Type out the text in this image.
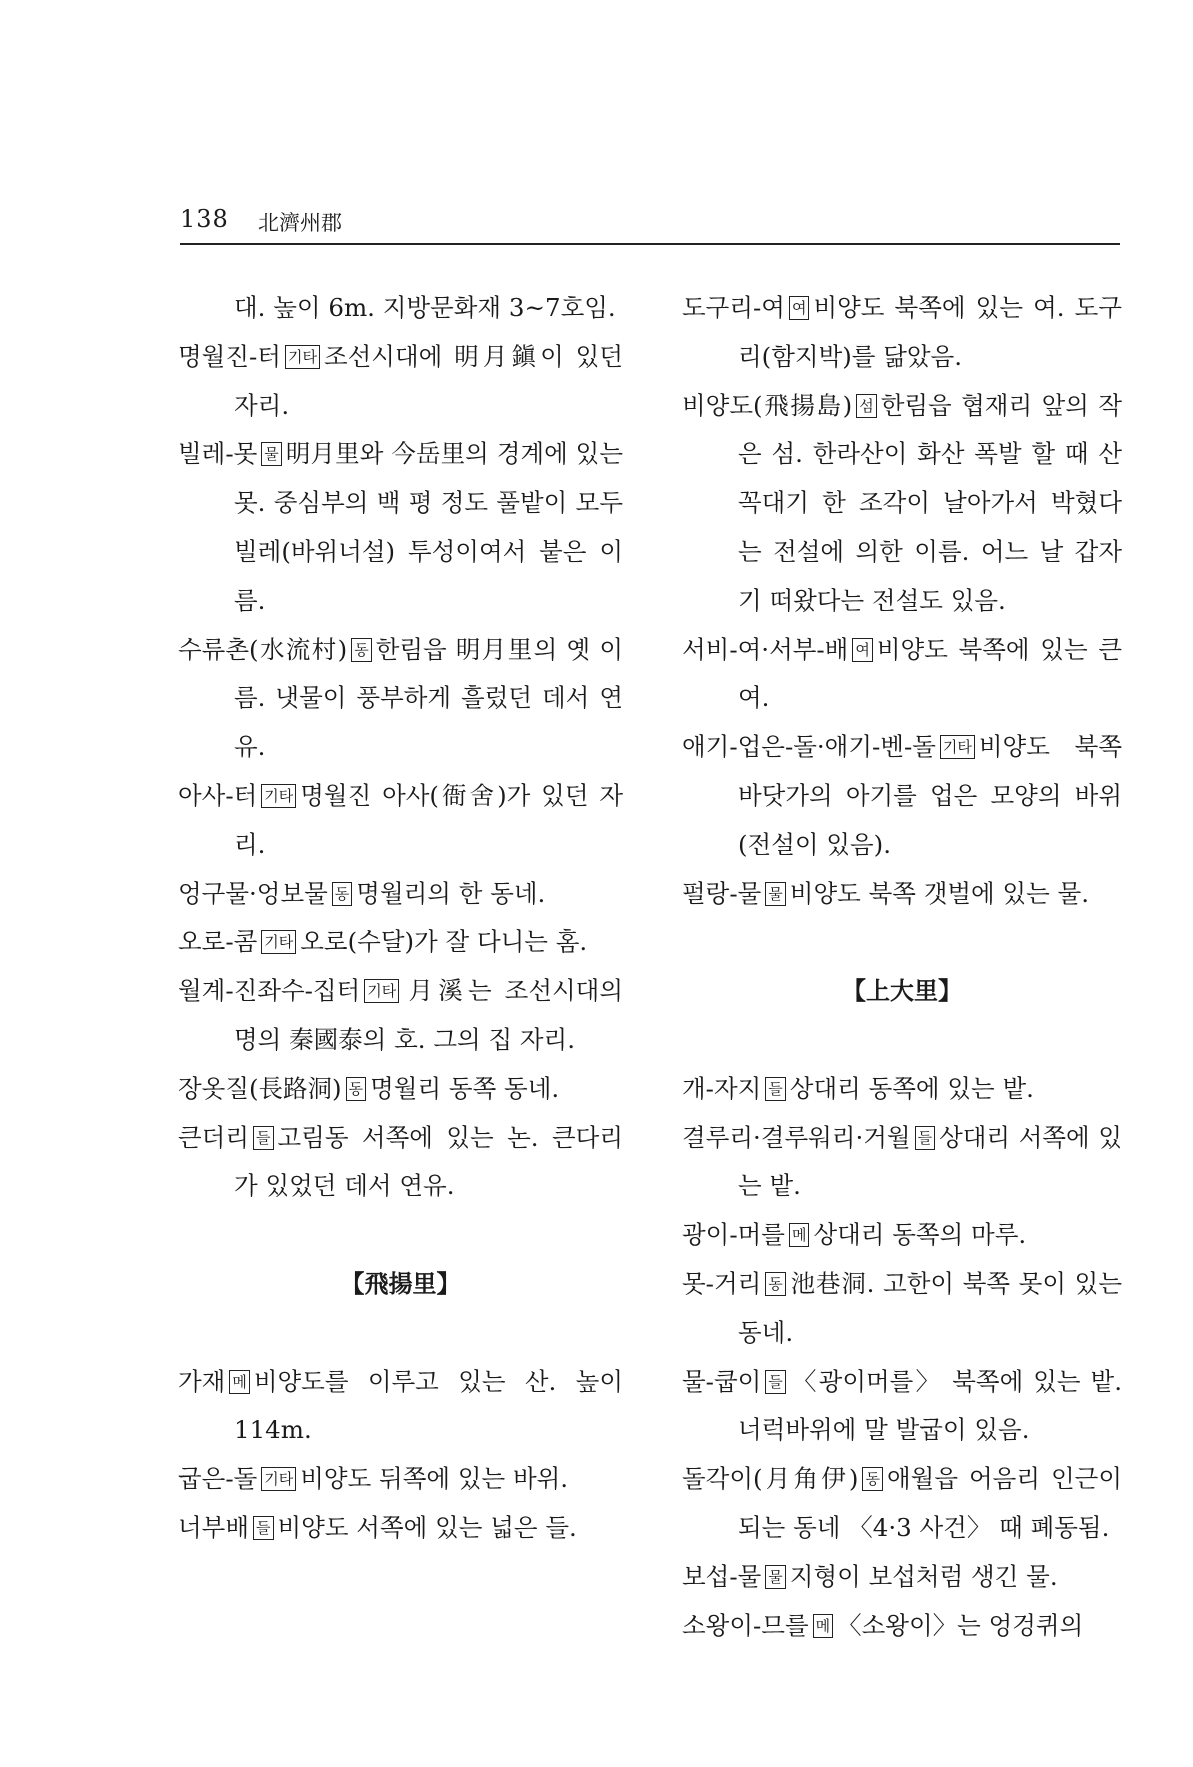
138 北濟州郡

대. 높이 6m. 지방문화재 3~7호임.

명월진-터 기타 조선시대에 明月鎭이 있던 자리.

빌레-못 물 明月里와 今岳里의 경계에 있는 못. 중심부의 백 평 정도 풀밭이 모두 빌레(바위너설) 투성이여서 붙은 이름.

수류촌(水流村) 동 한림읍 明月里의 옛 이름. 냇물이 풍부하게 흘렀던 데서 연유.

아사-터 기타 명월진 아사(衙舍)가 있던 자리.

엉구물·엉보물 동 명월리의 한 동네.

오로-콤 기타 오로(수달)가 잘 다니는 홈.

월계-진좌수-집터 기타 月溪는 조선시대의 명의 秦國泰의 호. 그의 집 자리.

장옷질(長路洞) 동 명월리 동쪽 동네.

큰더리 들 고림동 서쪽에 있는 논. 큰다리가 있었던 데서 연유.

【飛揚里】

가재 메 비양도를 이루고 있는 산. 높이 114m.

굽은-돌 기타 비양도 뒤쪽에 있는 바위.

너부배 들 비양도 서쪽에 있는 넓은 들.

도구리-여 여 비양도 북쪽에 있는 여. 도구리(함지박)를 닮았음.

비양도(飛揚島) 섬 한림읍 협재리 앞의 작은 섬. 한라산이 화산 폭발 할 때 산꼭대기 한 조각이 날아가서 박혔다는 전설에 의한 이름. 어느 날 갑자기 떠왔다는 전설도 있음.

서비-여·서부-배 여 비양도 북쪽에 있는 큰 여.

애기-업은-돌·애기-벤-돌 기타 비양도 북쪽 바닷가의 아기를 업은 모양의 바위(전설이 있음).

펄랑-물 물 비양도 북쪽 갯벌에 있는 물.

【上大里】

개-자지 들 상대리 동쪽에 있는 밭.

결루리·결루워리·거월 들 상대리 서쪽에 있는 밭.

광이-머를 메 상대리 동쪽의 마루.

못-거리 동 池巷洞. 고한이 북쪽 못이 있는 동네.

물-쿱이 들 〈광이머를〉 북쪽에 있는 밭. 너럭바위에 말 발굽이 있음.

돌각이(月角伊) 동 애월읍 어음리 인근이 되는 동네 〈4·3 사건〉 때 폐동됨.

보섭-물 물 지형이 보섭처럼 생긴 물.

소왕이-므를 메 〈소왕이〉는 엉겅퀴의
